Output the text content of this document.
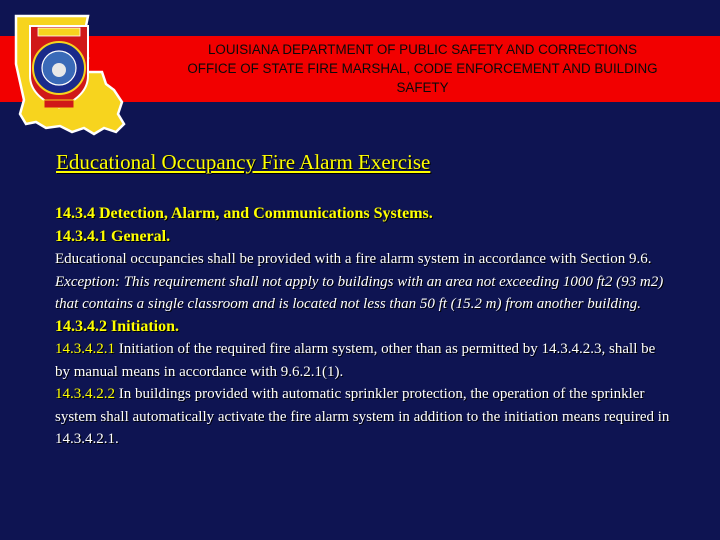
LOUISIANA DEPARTMENT OF PUBLIC SAFETY AND CORRECTIONS
OFFICE OF STATE FIRE MARSHAL, CODE ENFORCEMENT AND BUILDING
SAFETY
Educational Occupancy Fire Alarm Exercise

14.3.4 Detection, Alarm, and Communications Systems.

14.3.4.1 General.

Educational occupancies shall be provided with a fire alarm system in accordance with Section 9.6.

Exception: This requirement shall not apply to buildings with an area not exceeding 1000 ft2 (93 m2) that contains a single classroom and is located not less than 50 ft (15.2 m) from another building.

14.3.4.2 Initiation.

14.3.4.2.1 Initiation of the required fire alarm system, other than as permitted by 14.3.4.2.3, shall be by manual means in accordance with 9.6.2.1(1).

14.3.4.2.2 In buildings provided with automatic sprinkler protection, the operation of the sprinkler system shall automatically activate the fire alarm system in addition to the initiation means required in 14.3.4.2.1.
